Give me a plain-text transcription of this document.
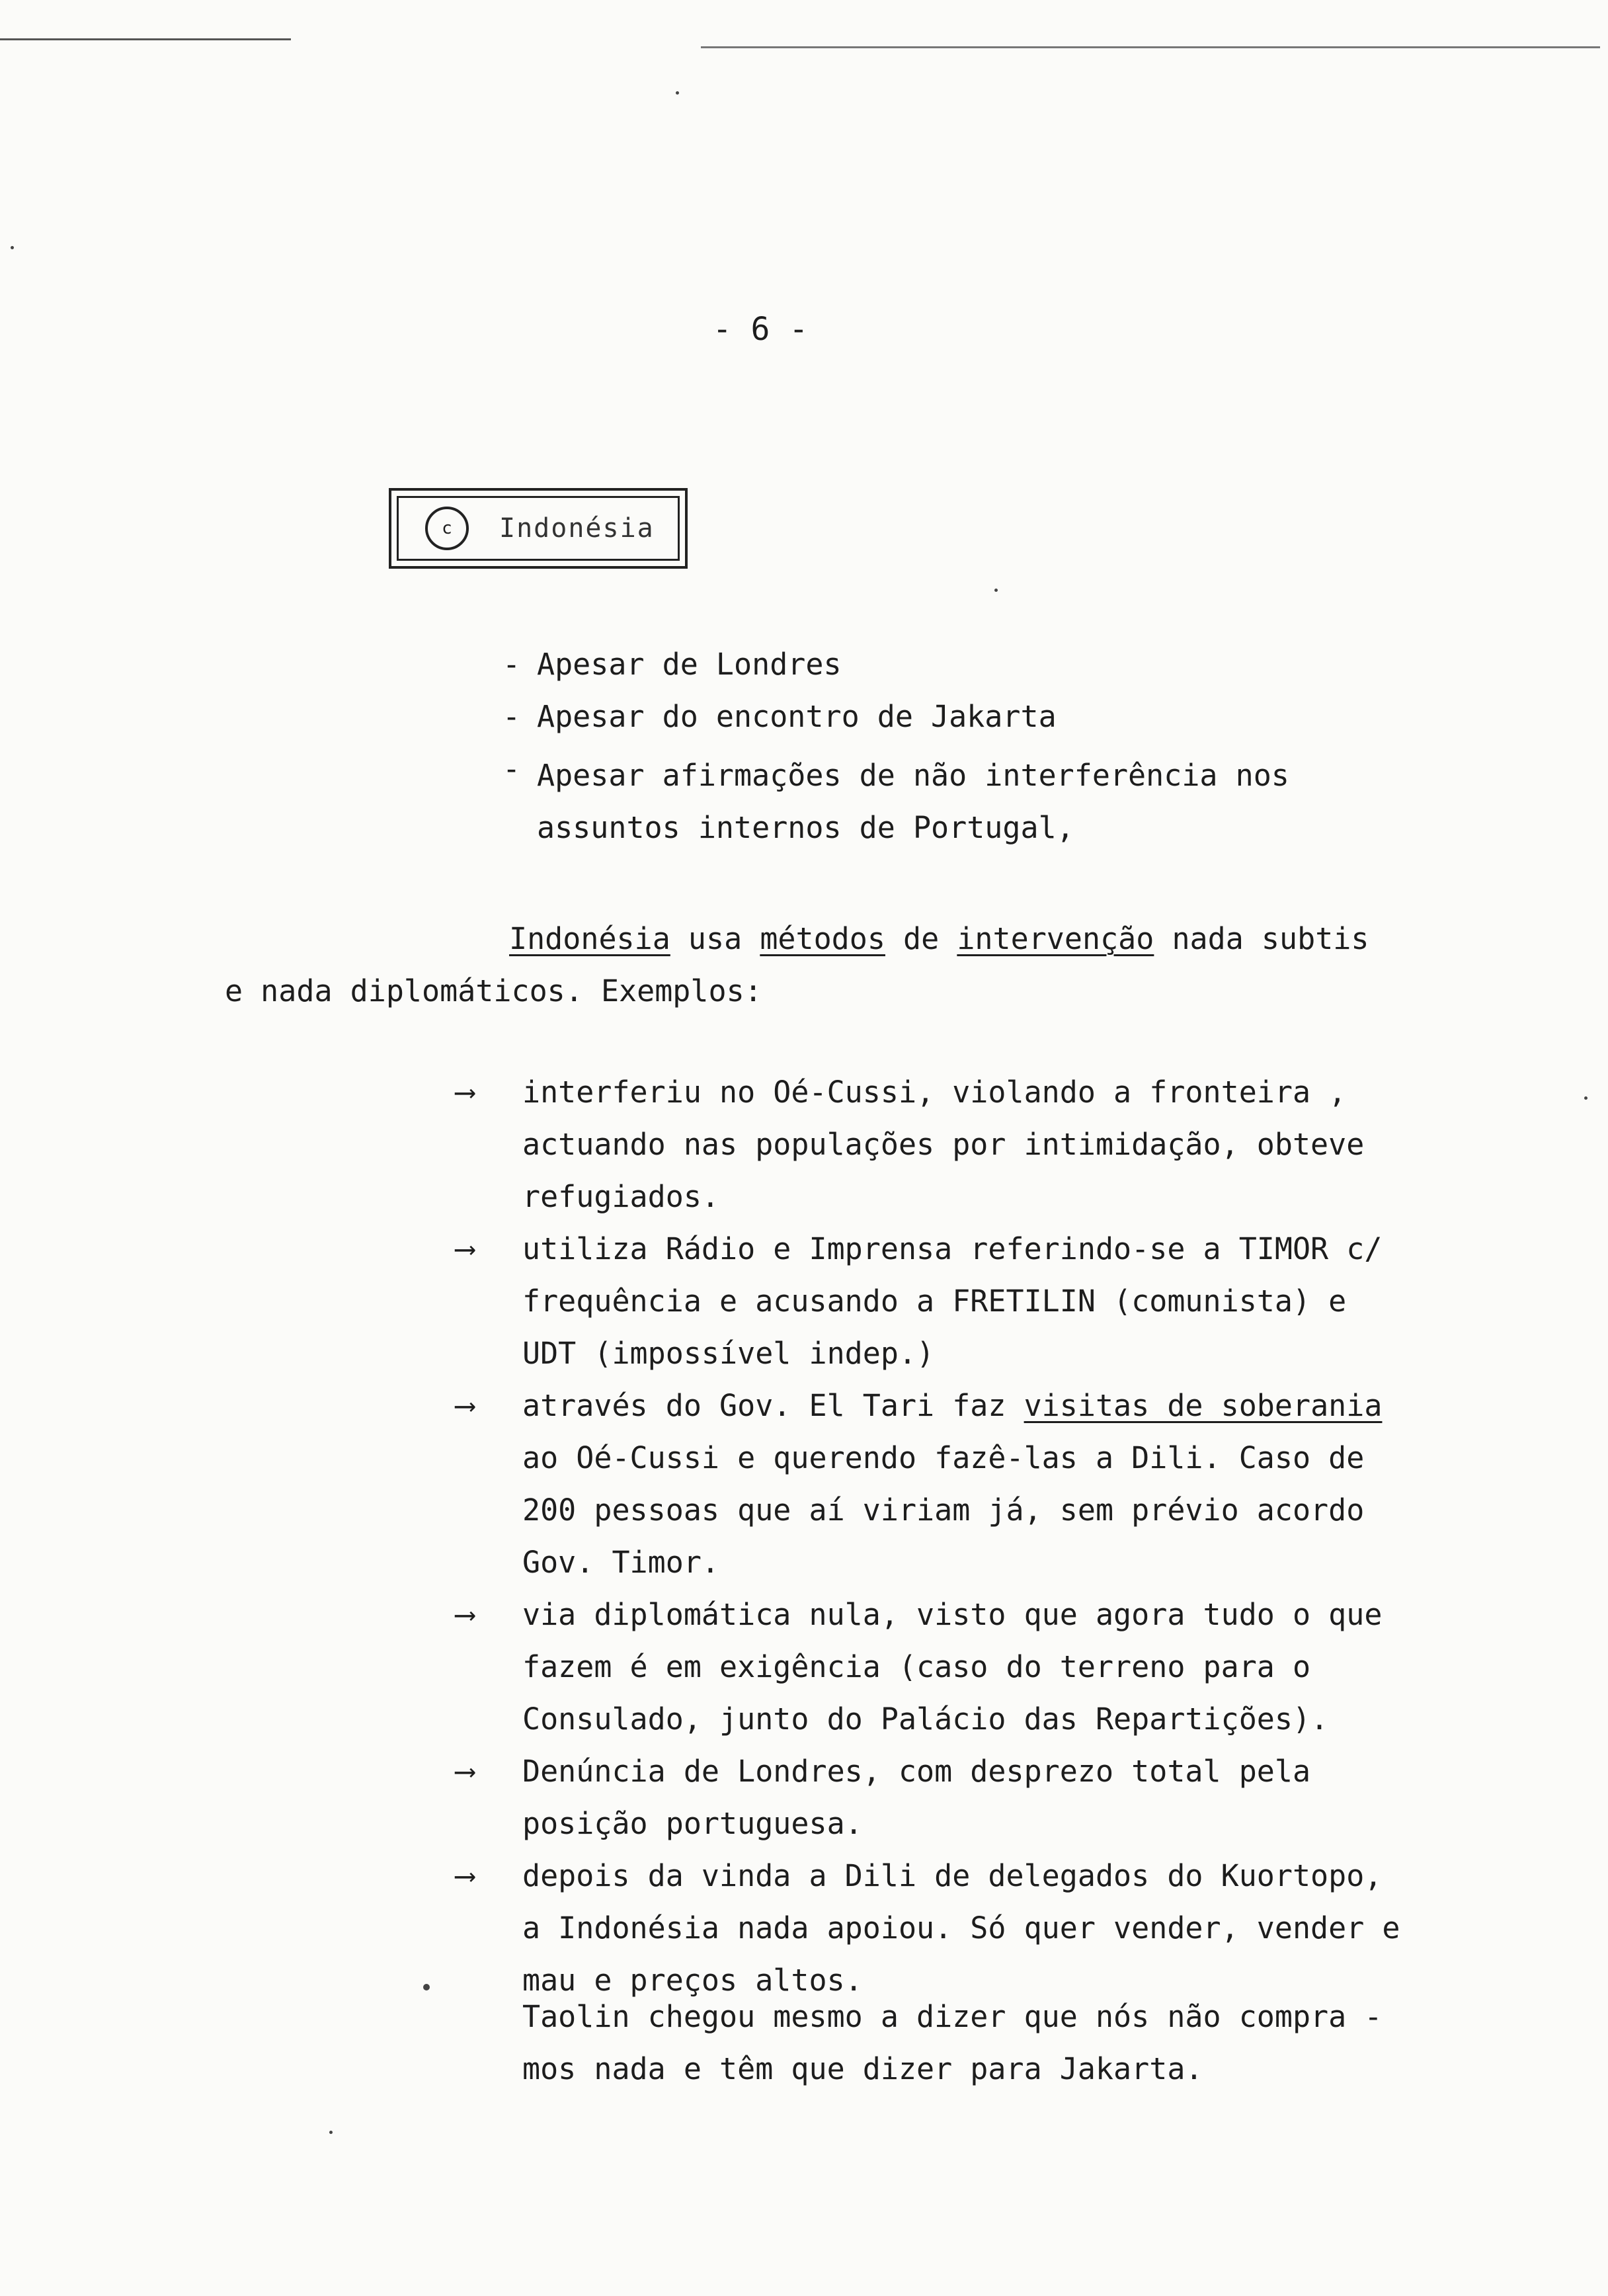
- 6 -
c	Indonésia
- Apesar de Londres
- Apesar do encontro de Jakarta
- Apesar afirmações de não interferência nos assuntos internos de Portugal,
Indonésia usa métodos de intervenção nada subtis e nada diplomáticos. Exemplos:
⟶ interferiu no Oé-Cussi, violando a fronteira , actuando nas populações por intimidação, obteve refugiados.
⟶ utiliza Rádio e Imprensa referindo-se a TIMOR c/ frequência e acusando a FRETILIN (comunista) e UDT (impossível indep.)
⟶ através do Gov. El Tari faz visitas de soberania ao Oé-Cussi e querendo fazê-las a Dili. Caso de 200 pessoas que aí viriam já, sem prévio acordo Gov. Timor.
⟶ via diplomática nula, visto que agora tudo o que fazem é em exigência (caso do terreno para o Consulado, junto do Palácio das Repartições).
⟶ Denúncia de Londres, com desprezo total pela posição portuguesa.
⟶ depois da vinda a Dili de delegados do Kuortopo, a Indonésia nada apoiou. Só quer vender, vender e mau e preços altos.
Taolin chegou mesmo a dizer que nós não compra - mos nada e têm que dizer para Jakarta.
